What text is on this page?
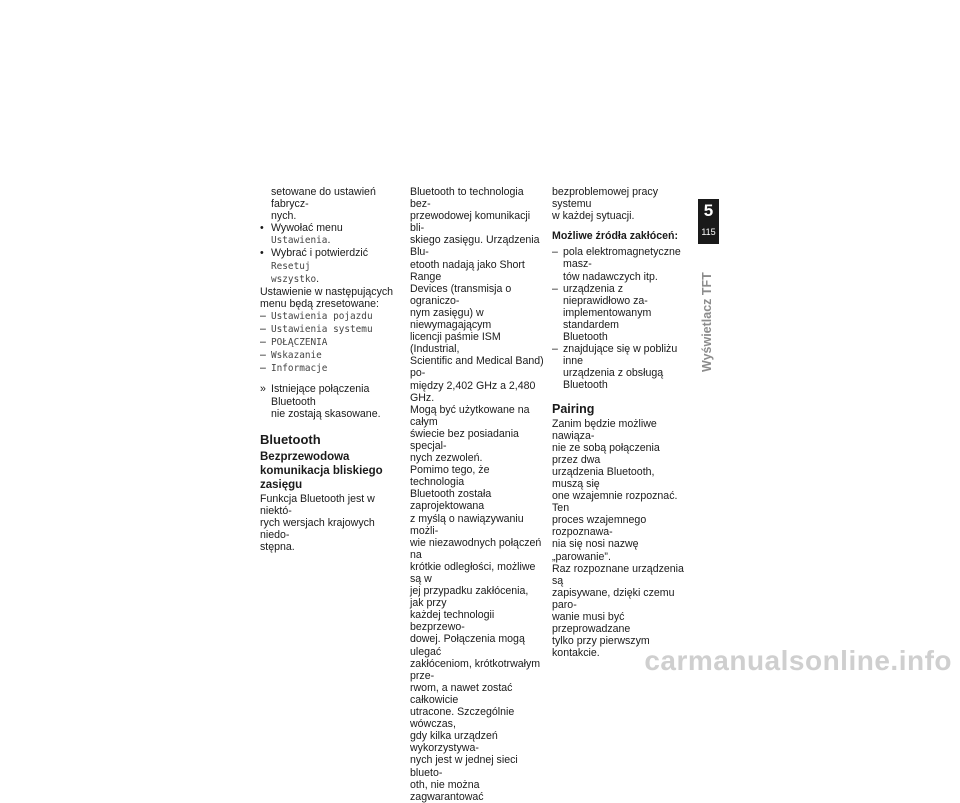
setowane do ustawień fabrycz-

nych.

• Wywołać menu Ustawienia.

• Wybrać i potwierdzić Resetuj
wszystko.

Ustawienie w następujących

menu będą zresetowane:

– Ustawienia pojazdu

– Ustawienia systemu

– POŁĄCZENIA

– Wskazanie

– Informacje

» Istniejące połączenia Bluetooth

nie zostają skasowane.

Bluetooth
Bezprzewodowa
komunikacja bliskiego
zasięgu

Funkcja Bluetooth jest w niektó-

rych wersjach krajowych niedo-

stępna.

Bluetooth to technologia bez-

przewodowej komunikacji bli-

skiego zasięgu. Urządzenia Blu-

etooth nadają jako Short Range

Devices (transmisja o ograniczo-

nym zasięgu) w niewymagającym

licencji paśmie ISM (Industrial,

Scientific and Medical Band) po-

między 2,402 GHz a 2,480 GHz.

Mogą być użytkowane na całym

świecie bez posiadania specjal-

nych zezwoleń.

Pomimo tego, że technologia

Bluetooth została zaprojektowana

z myślą o nawiązywaniu możli-

wie niezawodnych połączeń na

krótkie odległości, możliwe są w

jej przypadku zakłócenia, jak przy

każdej technologii bezprzewo-

dowej. Połączenia mogą ulegać

zakłóceniom, krótkotrwałym prze-

rwom, a nawet zostać całkowicie

utracone. Szczególnie wówczas,

gdy kilka urządzeń wykorzystywa-

nych jest w jednej sieci blueto-

oth, nie można zagwarantować

bezproblemowej pracy systemu

w każdej sytuacji.

Możliwe źródła zakłóceń:

– pola elektromagnetyczne masz-

tów nadawczych itp.

– urządzenia z nieprawidłowo za-

implementowanym standardem

Bluetooth

– znajdujące się w pobliżu inne

urządzenia z obsługą Bluetooth

Pairing

Zanim będzie możliwe nawiąza-

nie ze sobą połączenia przez dwa

urządzenia Bluetooth, muszą się

one wzajemnie rozpoznać. Ten

proces wzajemnego rozpoznawa-

nia się nosi nazwę „parowanie”.

Raz rozpoznane urządzenia są

zapisywane, dzięki czemu paro-

wanie musi być przeprowadzane

tylko przy pierwszym kontakcie.

5
115
Wyświetlacz TFT
carmanualsonline.info
